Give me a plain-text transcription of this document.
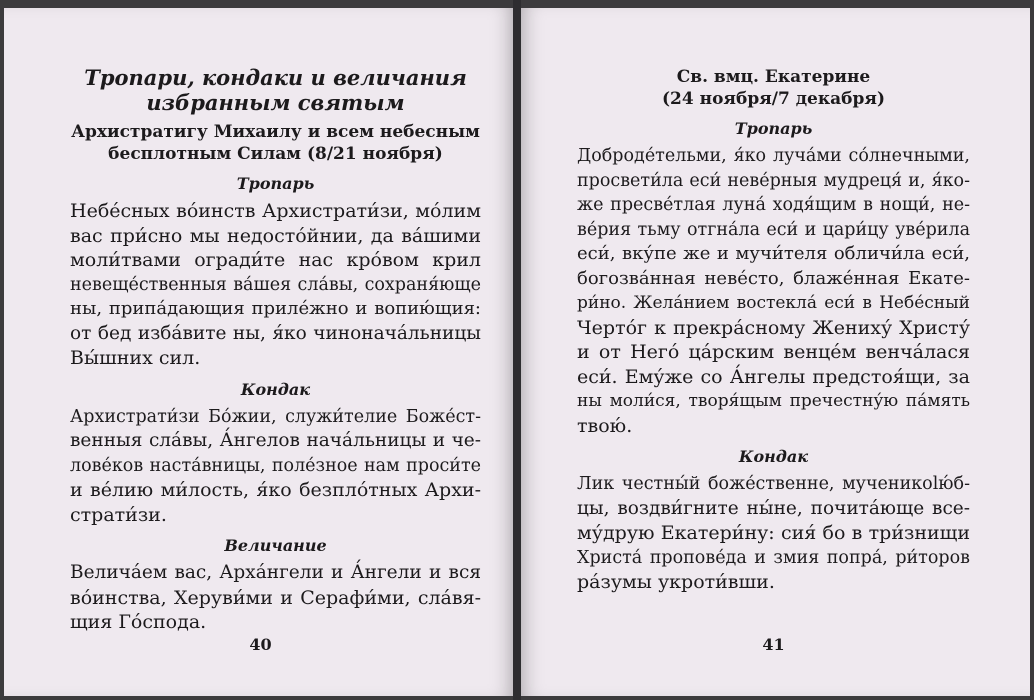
Тропари, кондаки и величания
избранным святым
Архистратигу Михаилу и всем небесным
бесплотным Силам (8/21 ноября)
Тропарь
Небе́сных во́инств Архистрати́зи, мо́лим
вас при́сно мы недосто́йнии, да ва́шими
моли́твами огради́те нас кро́вом крил
невеще́ственныя ва́шея сла́вы, сохраня́юще
ны, припа́дающия приле́жно и вопию́щия:
от бед изба́вите ны, я́ко чинонача́льницы
Вы́шних сил.
Кондак
Архистрати́зи Бо́жии, служи́телие Боже́ст-
венныя сла́вы, А́нгелов нача́льницы и че-
лове́ков наста́вницы, поле́зное нам проси́те
и ве́лию ми́лость, я́ко безпло́тных Архи-
страти́зи.
Величание
Велича́ем вас, Арха́нгели и А́нгели и вся
во́инства, Херуви́ми и Серафи́ми, сла́вя-
щия Го́спода.
40
Св. вмц. Екатерине
(24 ноября/7 декабря)
Тропарь
Доброде́тельми, я́ко луча́ми со́лнечными,
просвети́ла еси́ неве́рныя мудреця́ и, я́ко-
же пресве́тлая луна́ ходя́щим в нощи́, не-
ве́рия тьму отгна́ла еси́ и цари́цу уве́рила
еси́, вку́пе же и мучи́теля обличи́ла еси́,
богозва́нная неве́сто, блаже́нная Екате-
ри́но. Жела́нием востекла́ еси́ в Небе́сный
Черто́г к прекра́сному Жениху́ Христу́
и от Него́ ца́рским венце́м венча́лася
еси́. Ему́же со А́нгелы предстоя́щи, за
ны моли́ся, творя́щым пречестну́ю па́мять
твою́.
Кондак
Лик честны́й боже́ственне, мученикolю́б-
цы, воздви́гните ны́не, почита́юще все-
му́друю Екатери́ну: сия́ бо в три́знищи
Христа́ пропове́да и змия попра́, ри́торов
ра́зумы укроти́вши.
41
